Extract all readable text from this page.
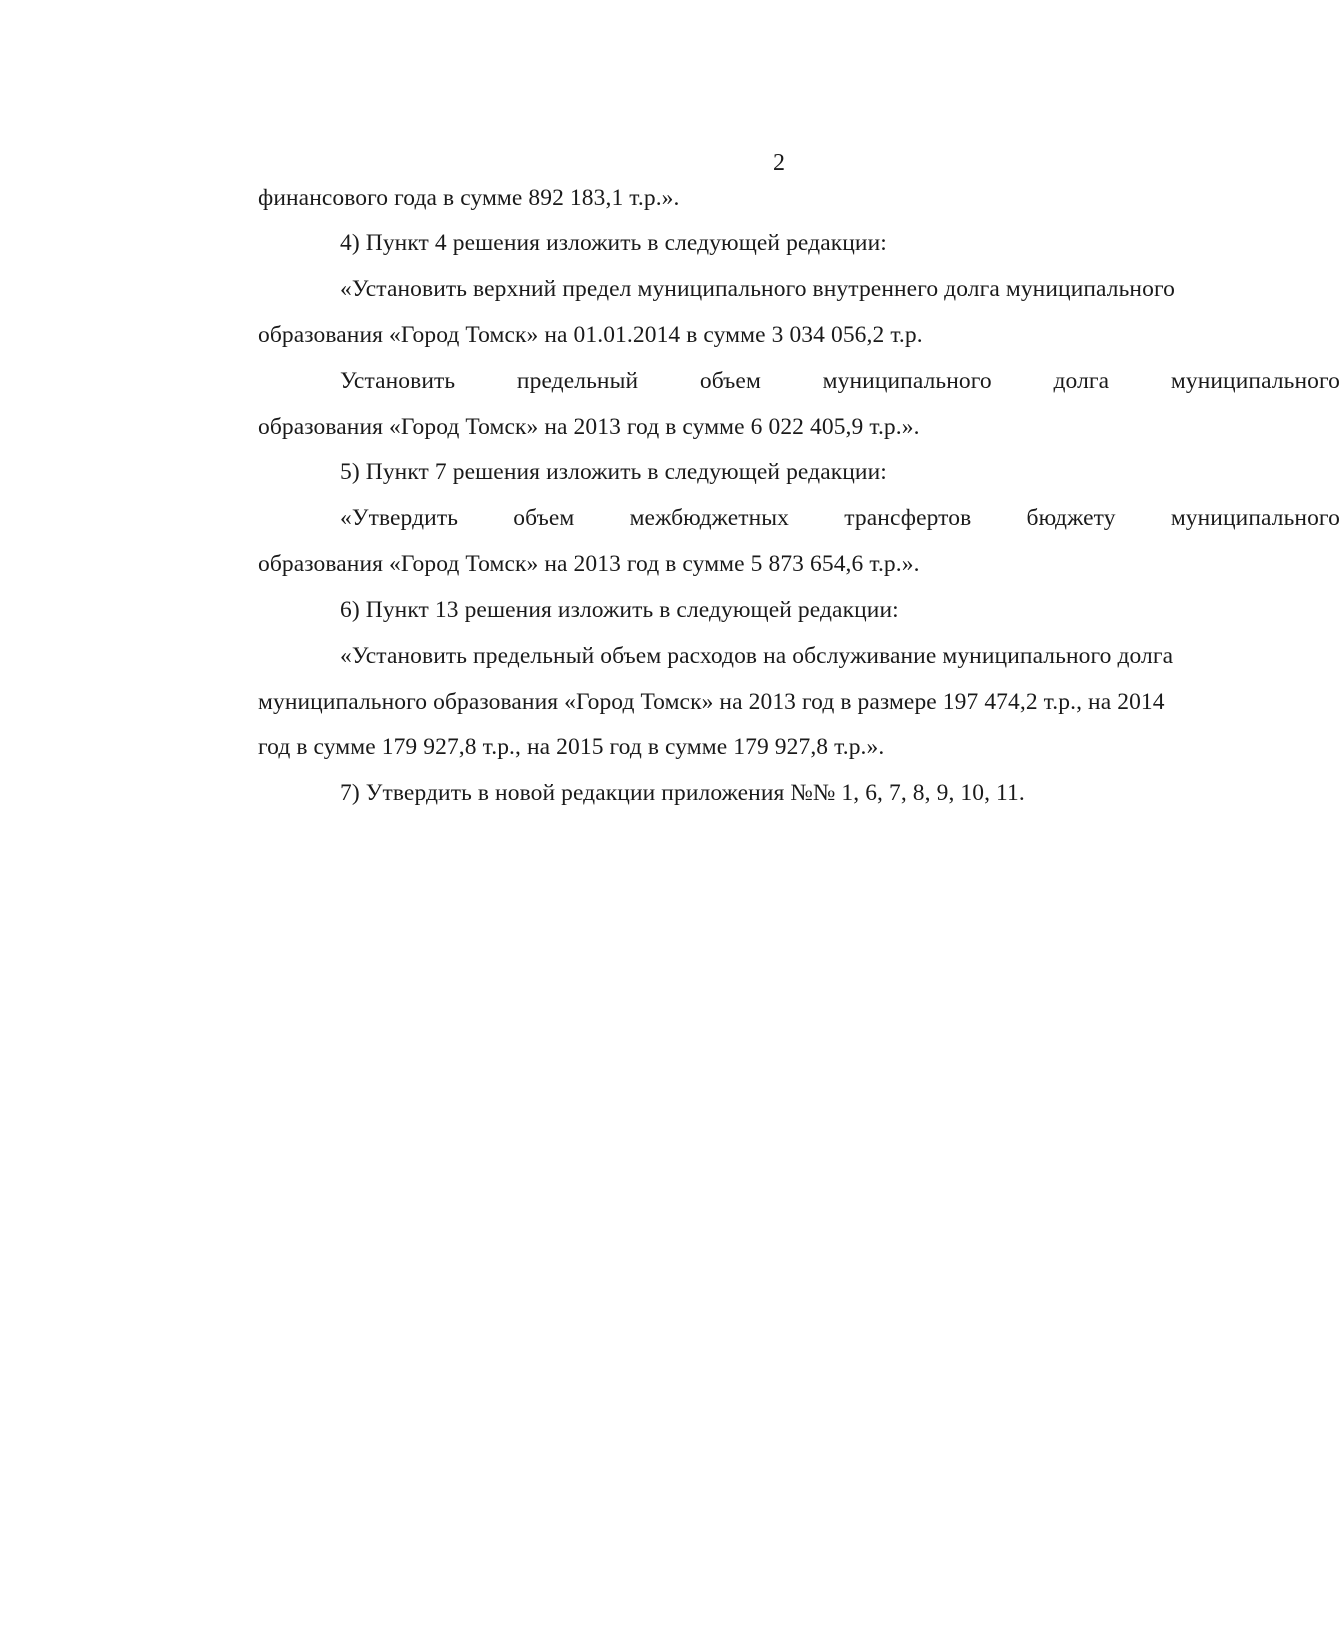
2
финансового года в сумме 892 183,1 т.р.».
4) Пункт 4 решения изложить в следующей редакции:
«Установить верхний предел муниципального внутреннего долга муниципального
образования «Город Томск» на 01.01.2014 в сумме 3 034 056,2 т.р.
Установить	предельный	объем	муниципального	долга	муниципального
образования «Город Томск» на 2013 год в сумме 6 022 405,9 т.р.».
5) Пункт 7 решения изложить в следующей редакции:
«Утвердить объем межбюджетных трансфертов бюджету муниципального
образования «Город Томск» на 2013 год в сумме 5 873 654,6 т.р.».
6) Пункт 13 решения изложить в следующей редакции:
«Установить предельный объем расходов на обслуживание муниципального долга
муниципального образования «Город Томск» на 2013 год в размере 197 474,2 т.р., на 2014
год в сумме 179 927,8 т.р., на 2015 год в сумме 179 927,8 т.р.».
7) Утвердить в новой редакции приложения №№ 1, 6, 7, 8, 9, 10, 11.
